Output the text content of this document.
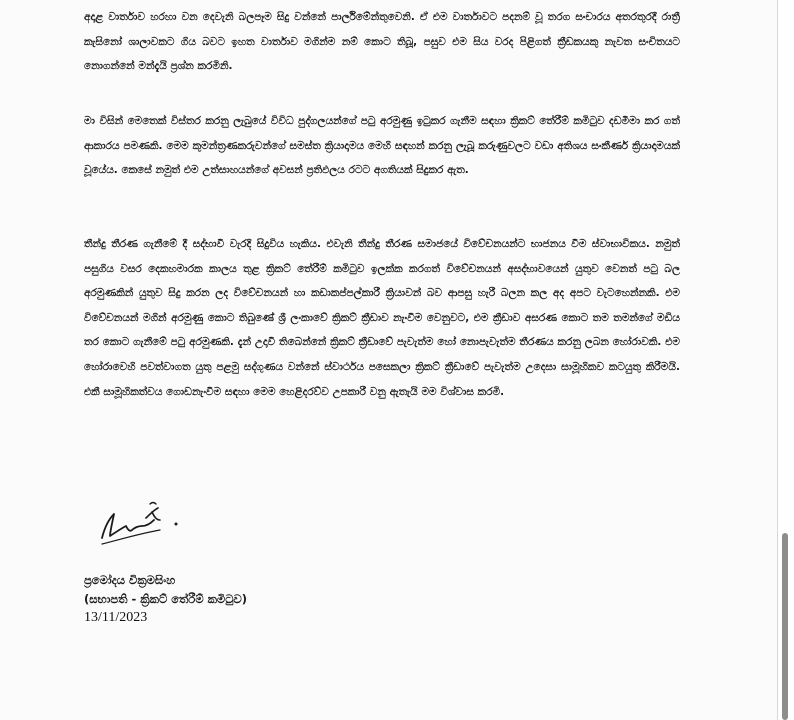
අදාළ වාර්තාව හරහා වන දෙවැනි බලපෑම සිදු වන්නේ පාර්ලිමේන්තුවෙනි. ඒ එම වාර්තාවට පදනම් වූ තරග සංචාරය අතරතුරදී රාත්‍රී කැසිනෝ ශාලාවකට ගිය බවට ඉහත වාර්තාව මගින්ම නම් කොට තිබූ, පසුව එම සිය වරද පිළිගත් ක්‍රීඩකයකු නැවත සංචිතයට නොගන්නේ මන්දැයි ප්‍රශ්න කරමිනි.

මා විසින් මෙතෙක් විස්තර කරනු ලැබුයේ විවිධ පුද්ගලයන්ගේ පටු අරමුණු ඉටුකර ගැනීම සඳහා ක්‍රිකට් තේරීම් කමිටුව දඩමීමා කර ගත් ආකාරය පමණකි. මෙම කුමන්ත්‍රණකරුවන්ගේ සමස්ත ක්‍රියාදාමය මෙහි සඳහන් කරනු ලැබූ කරුණුවලට වඩා අතිශය සංකීර්ණ ක්‍රියාදාමයක් වූයේය. කෙසේ නමුත් එම උත්සාහයන්ගේ අවසන් ප්‍රතිඵලය රටට අගතියක් සිදුකර ඇත.

තීන්දු තීරණ ගැනීමේ දී සද්භාවී වැරදි සිදුවිය හැකිය. එවැනි තීන්දු තීරණ සමාජයේ විවේචනයන්ට භාජනය වීම ස්වාභාවිකය. නමුත් පසුගිය වසර දෙකහමාරක කාලය තුළ ක්‍රිකට් තේරීම් කමිටුව ඉලක්ක කරගත් විවේචනයන් අසද්භාවයෙන් යුතුව වෙනත් පටු බල අරමුණකින් යුතුව සිදු කරන ලද විවේචනයන් හා කඩාකප්පල්කාරී ක්‍රියාවන් බව ආපසු හැරී බලන කල අද අපට වැටහෙන්නකි. එම විවේචනයන් මගින් අරමුණු කොට තිබුණේ ශ්‍රී ලංකාවේ ක්‍රිකට් ක්‍රීඩාව නැංවීම වෙනුවට, එම ක්‍රීඩාව අසරණ කොට තම තමන්ගේ මඩිය තර කොට ගැනීමේ පටු අරමුණකි. දැන් උදාවී තිබෙන්නේ ක්‍රිකට් ක්‍රීඩාවේ පැවැත්ම හෝ නොපැවැත්ම තීරණය කරනු ලබන හෝරාවකි. එම හෝරාවෙහි පවත්වාගත යුතු පළමු සද්ගුණය වන්නේ ස්වාර්ථය පසෙකලා ක්‍රිකට් ක්‍රීඩාවේ පැවැත්ම උදෙසා සාමූහිකව කටයුතු කිරීමයි. එකී සාමූහිකත්වය ගොඩනැංවීම සඳහා මෙම හෙළිදරව්ව උපකාරී වනු ඇතැයි මම විශ්වාස කරමි.

ප්‍රමෝදය වික්‍රමසිංහ
(සභාපති - ක්‍රිකට් තේරීම් කමිටුව)
13/11/2023
